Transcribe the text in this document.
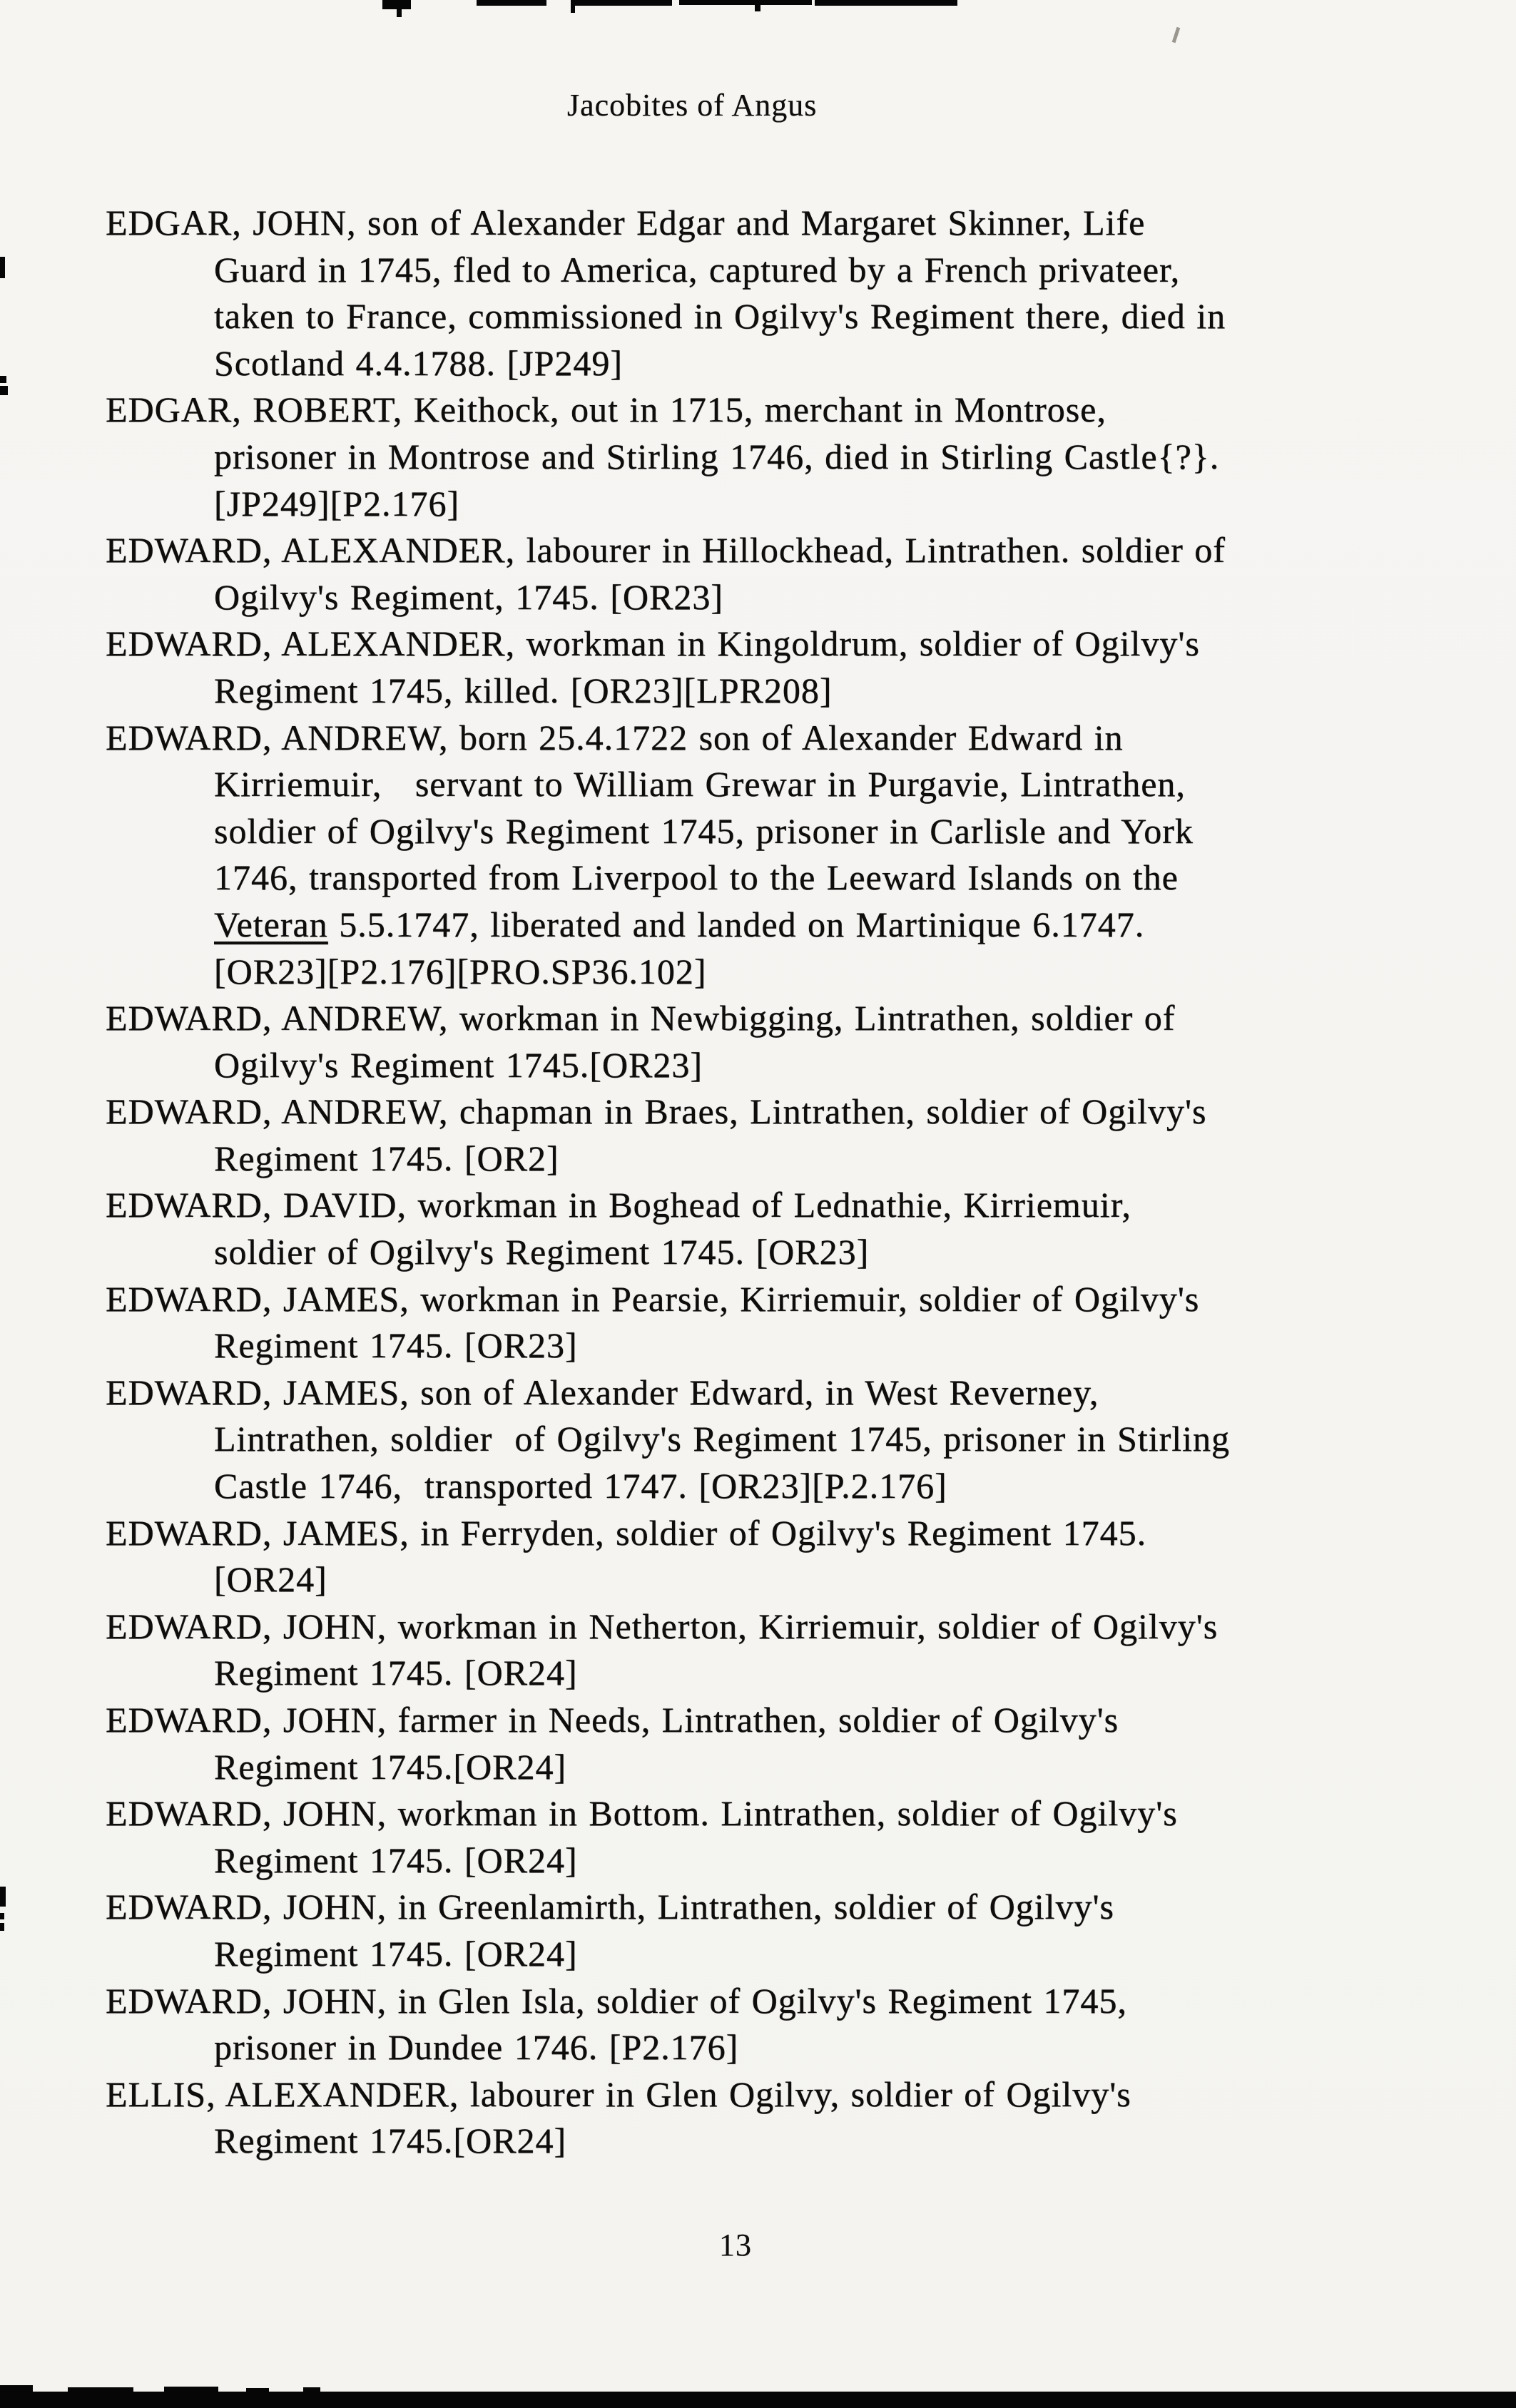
Jacobites of Angus
EDGAR, JOHN, son of Alexander Edgar and Margaret Skinner, Life
Guard in 1745, fled to America, captured by a French privateer,
taken to France, commissioned in Ogilvy's Regiment there, died in
Scotland 4.4.1788. [JP249]
EDGAR, ROBERT, Keithock, out in 1715, merchant in Montrose,
prisoner in Montrose and Stirling 1746, died in Stirling Castle{?}.
[JP249][P2.176]
EDWARD, ALEXANDER, labourer in Hillockhead, Lintrathen. soldier of
Ogilvy's Regiment, 1745. [OR23]
EDWARD, ALEXANDER, workman in Kingoldrum, soldier of Ogilvy's
Regiment 1745, killed. [OR23][LPR208]
EDWARD, ANDREW, born 25.4.1722 son of Alexander Edward in
Kirriemuir,   servant to William Grewar in Purgavie, Lintrathen,
soldier of Ogilvy's Regiment 1745, prisoner in Carlisle and York
1746, transported from Liverpool to the Leeward Islands on the
Veteran 5.5.1747, liberated and landed on Martinique 6.1747.
[OR23][P2.176][PRO.SP36.102]
EDWARD, ANDREW, workman in Newbigging, Lintrathen, soldier of
Ogilvy's Regiment 1745.[OR23]
EDWARD, ANDREW, chapman in Braes, Lintrathen, soldier of Ogilvy's
Regiment 1745. [OR2]
EDWARD, DAVID, workman in Boghead of Lednathie, Kirriemuir,
soldier of Ogilvy's Regiment 1745. [OR23]
EDWARD, JAMES, workman in Pearsie, Kirriemuir, soldier of Ogilvy's
Regiment 1745. [OR23]
EDWARD, JAMES, son of Alexander Edward, in West Reverney,
Lintrathen, soldier  of Ogilvy's Regiment 1745, prisoner in Stirling
Castle 1746,  transported 1747. [OR23][P.2.176]
EDWARD, JAMES, in Ferryden, soldier of Ogilvy's Regiment 1745.
[OR24]
EDWARD, JOHN, workman in Netherton, Kirriemuir, soldier of Ogilvy's
Regiment 1745. [OR24]
EDWARD, JOHN, farmer in Needs, Lintrathen, soldier of Ogilvy's
Regiment 1745.[OR24]
EDWARD, JOHN, workman in Bottom. Lintrathen, soldier of Ogilvy's
Regiment 1745. [OR24]
EDWARD, JOHN, in Greenlamirth, Lintrathen, soldier of Ogilvy's
Regiment 1745. [OR24]
EDWARD, JOHN, in Glen Isla, soldier of Ogilvy's Regiment 1745,
prisoner in Dundee 1746. [P2.176]
ELLIS, ALEXANDER, labourer in Glen Ogilvy, soldier of Ogilvy's
Regiment 1745.[OR24]
13
